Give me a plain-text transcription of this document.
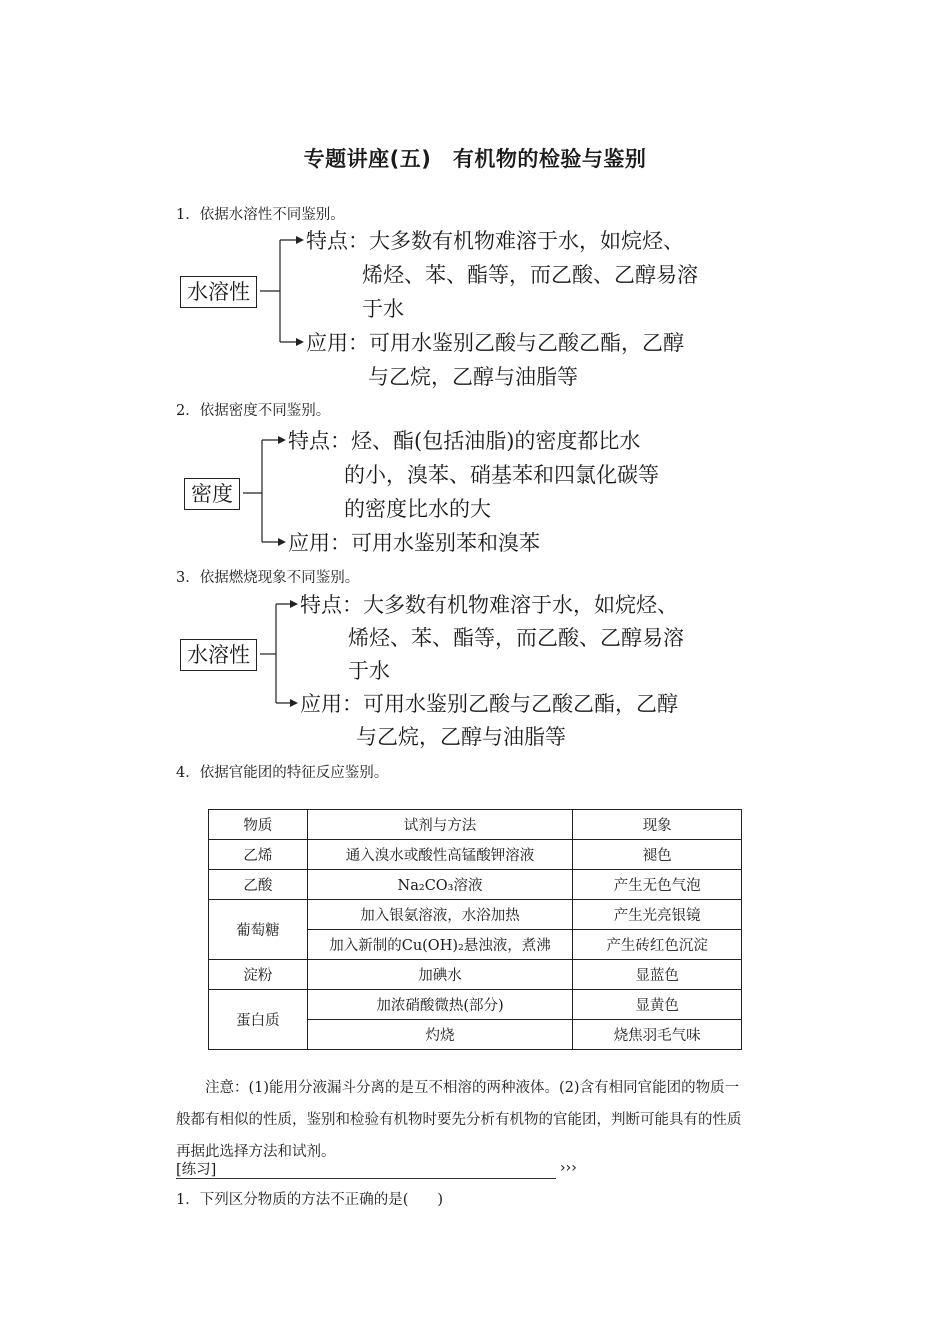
专题讲座(五)　有机物的检验与鉴别
1．依据水溶性不同鉴别。
水溶性
特点：大多数有机物难溶于水，如烷烃、
烯烃、苯、酯等，而乙酸、乙醇易溶
于水
应用：可用水鉴别乙酸与乙酸乙酯，乙醇
与乙烷，乙醇与油脂等
2．依据密度不同鉴别。
密度
特点：烃、酯(包括油脂)的密度都比水
的小，溴苯、硝基苯和四氯化碳等
的密度比水的大
应用：可用水鉴别苯和溴苯
3．依据燃烧现象不同鉴别。
水溶性
特点：大多数有机物难溶于水，如烷烃、
烯烃、苯、酯等，而乙酸、乙醇易溶
于水
应用：可用水鉴别乙酸与乙酸乙酯，乙醇
与乙烷，乙醇与油脂等
4．依据官能团的特征反应鉴别。
物质	试剂与方法	现象
乙烯	通入溴水或酸性高锰酸钾溶液	褪色
乙酸	Na₂CO₃溶液	产生无色气泡
葡萄糖	加入银氨溶液，水浴加热	产生光亮银镜
	加入新制的Cu(OH)₂悬浊液，煮沸	产生砖红色沉淀
淀粉	加碘水	显蓝色
蛋白质	加浓硝酸微热(部分)	显黄色
	灼烧	烧焦羽毛气味

　　注意：(1)能用分液漏斗分离的是互不相溶的两种液体。(2)含有相同官能团的物质一

般都有相似的性质，鉴别和检验有机物时要先分析有机物的官能团，判断可能具有的性质

再据此选择方法和试剂。

[练习]	›››
1．下列区分物质的方法不正确的是(　　)
